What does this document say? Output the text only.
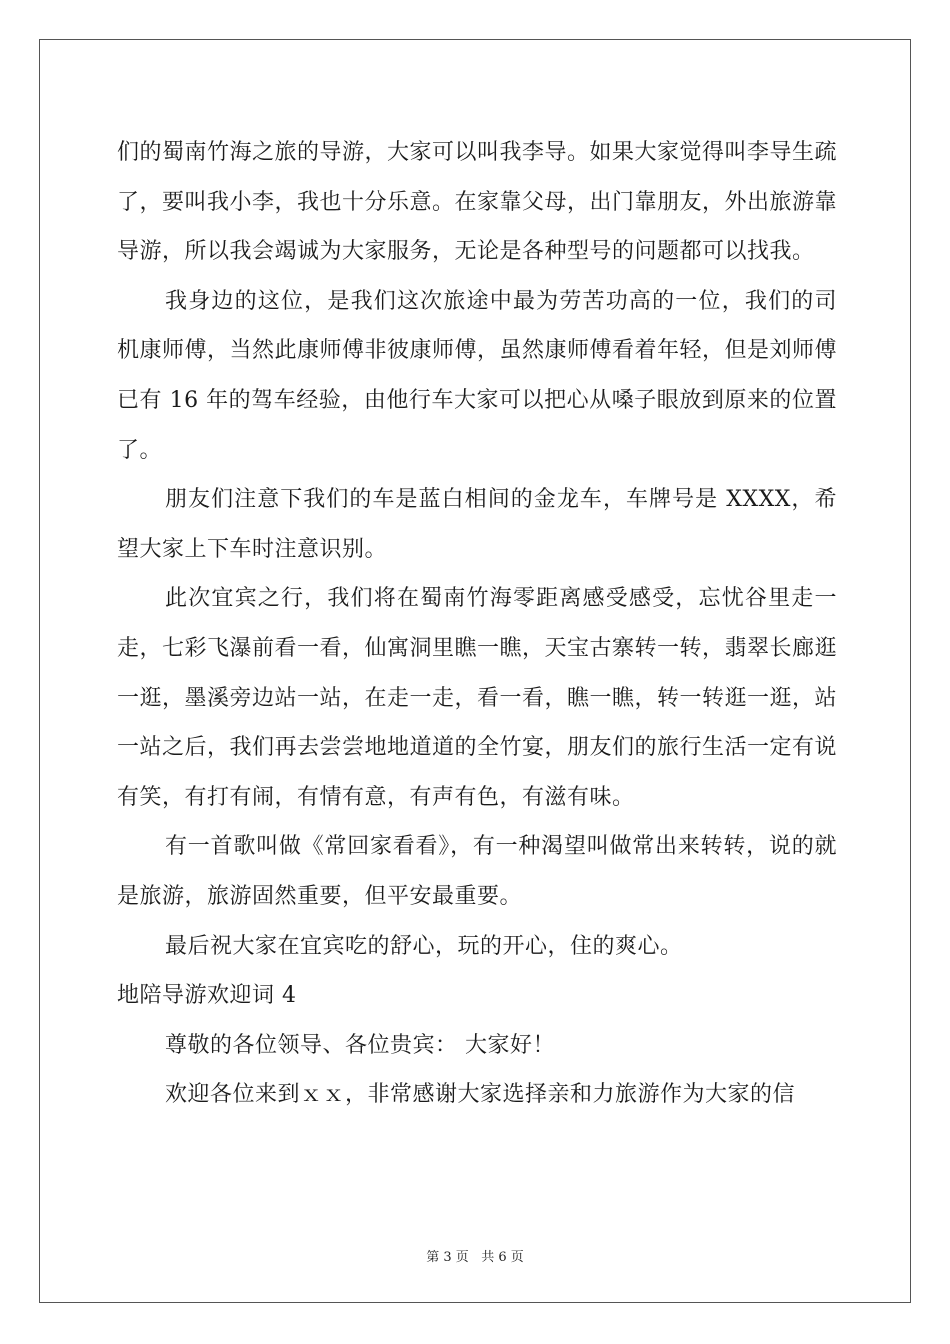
们的蜀南竹海之旅的导游，大家可以叫我李导。如果大家觉得叫李导生疏了，要叫我小李，我也十分乐意。在家靠父母，出门靠朋友，外出旅游靠导游，所以我会竭诚为大家服务，无论是各种型号的问题都可以找我。

我身边的这位，是我们这次旅途中最为劳苦功高的一位，我们的司机康师傅，当然此康师傅非彼康师傅，虽然康师傅看着年轻，但是刘师傅已有 16 年的驾车经验，由他行车大家可以把心从嗓子眼放到原来的位置了。

朋友们注意下我们的车是蓝白相间的金龙车，车牌号是 XXXX，希望大家上下车时注意识别。

此次宜宾之行，我们将在蜀南竹海零距离感受感受，忘忧谷里走一走，七彩飞瀑前看一看，仙寓洞里瞧一瞧，天宝古寨转一转，翡翠长廊逛一逛，墨溪旁边站一站，在走一走，看一看，瞧一瞧，转一转逛一逛，站一站之后，我们再去尝尝地地道道的全竹宴，朋友们的旅行生活一定有说有笑，有打有闹，有情有意，有声有色，有滋有味。

有一首歌叫做《常回家看看》，有一种渴望叫做常出来转转，说的就是旅游，旅游固然重要，但平安最重要。

最后祝大家在宜宾吃的舒心，玩的开心，住的爽心。

地陪导游欢迎词 4

尊敬的各位领导、各位贵宾： 大家好！

欢迎各位来到ｘｘ，非常感谢大家选择亲和力旅游作为大家的信

第 3 页 共 6 页
